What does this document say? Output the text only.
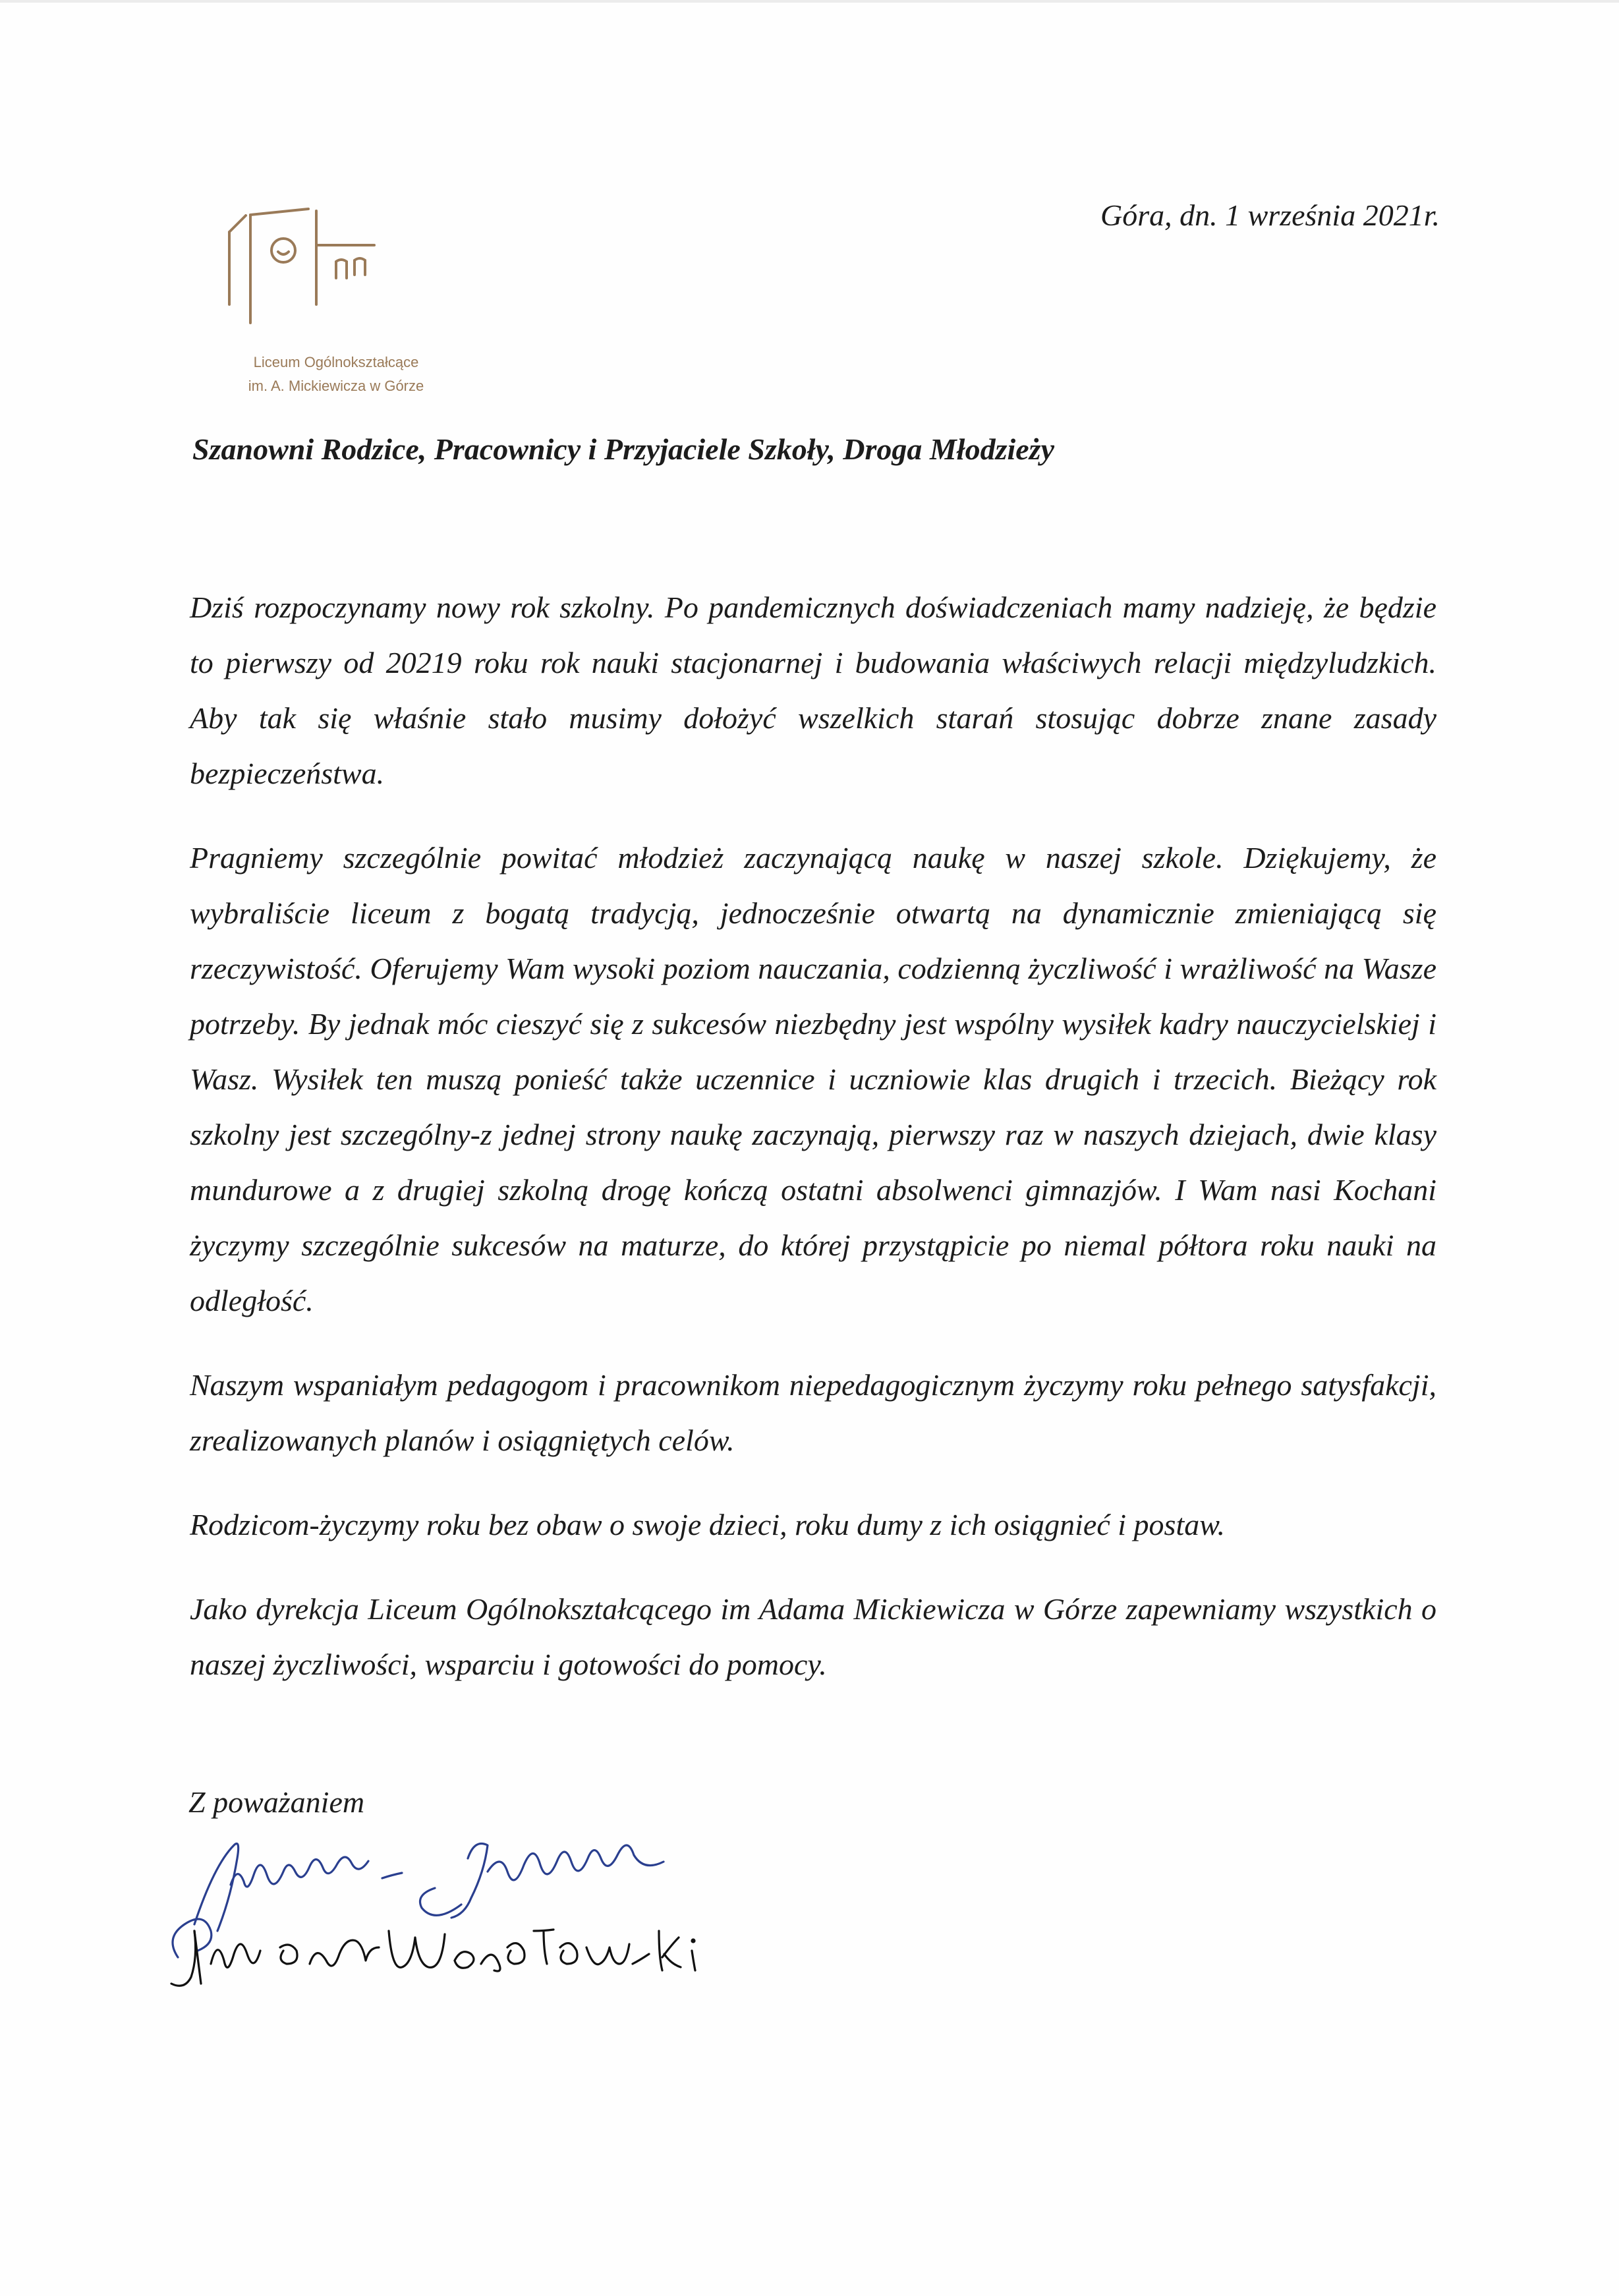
Liceum Ogólnokształcące
im. A. Mickiewicza w Górze
Góra, dn. 1 września 2021r.
Szanowni Rodzice, Pracownicy i Przyjaciele Szkoły, Droga Młodzieży

Dziś rozpoczynamy nowy rok szkolny. Po pandemicznych doświadczeniach mamy nadzieję, że będzie to pierwszy od 20219 roku rok nauki stacjonarnej i budowania właściwych relacji międzyludzkich. Aby tak się właśnie stało musimy dołożyć wszelkich starań stosując dobrze znane zasady bezpieczeństwa.

Pragniemy szczególnie powitać młodzież zaczynającą naukę w naszej szkole. Dziękujemy, że wybraliście liceum z bogatą tradycją, jednocześnie otwartą na dynamicznie zmieniającą się rzeczywistość. Oferujemy Wam wysoki poziom nauczania, codzienną życzliwość i wrażliwość na Wasze potrzeby. By jednak móc cieszyć się z sukcesów niezbędny jest wspólny wysiłek kadry nauczycielskiej i Wasz. Wysiłek ten muszą ponieść także uczennice i uczniowie klas drugich i trzecich. Bieżący rok szkolny jest szczególny-z jednej strony naukę zaczynają, pierwszy raz w naszych dziejach, dwie klasy mundurowe a z drugiej szkolną drogę kończą ostatni absolwenci gimnazjów. I Wam nasi Kochani życzymy szczególnie sukcesów na maturze, do której przystąpicie po niemal półtora roku nauki na odległość.

Naszym wspaniałym pedagogom i pracownikom niepedagogicznym życzymy roku pełnego satysfakcji, zrealizowanych planów i osiągniętych celów.

Rodzicom-życzymy roku bez obaw o swoje dzieci, roku dumy z ich osiągnieć i postaw.

Jako dyrekcja Liceum Ogólnokształcącego im Adama Mickiewicza w Górze zapewniamy wszystkich o naszej życzliwości, wsparciu i gotowości do pomocy.

Z poważaniem
